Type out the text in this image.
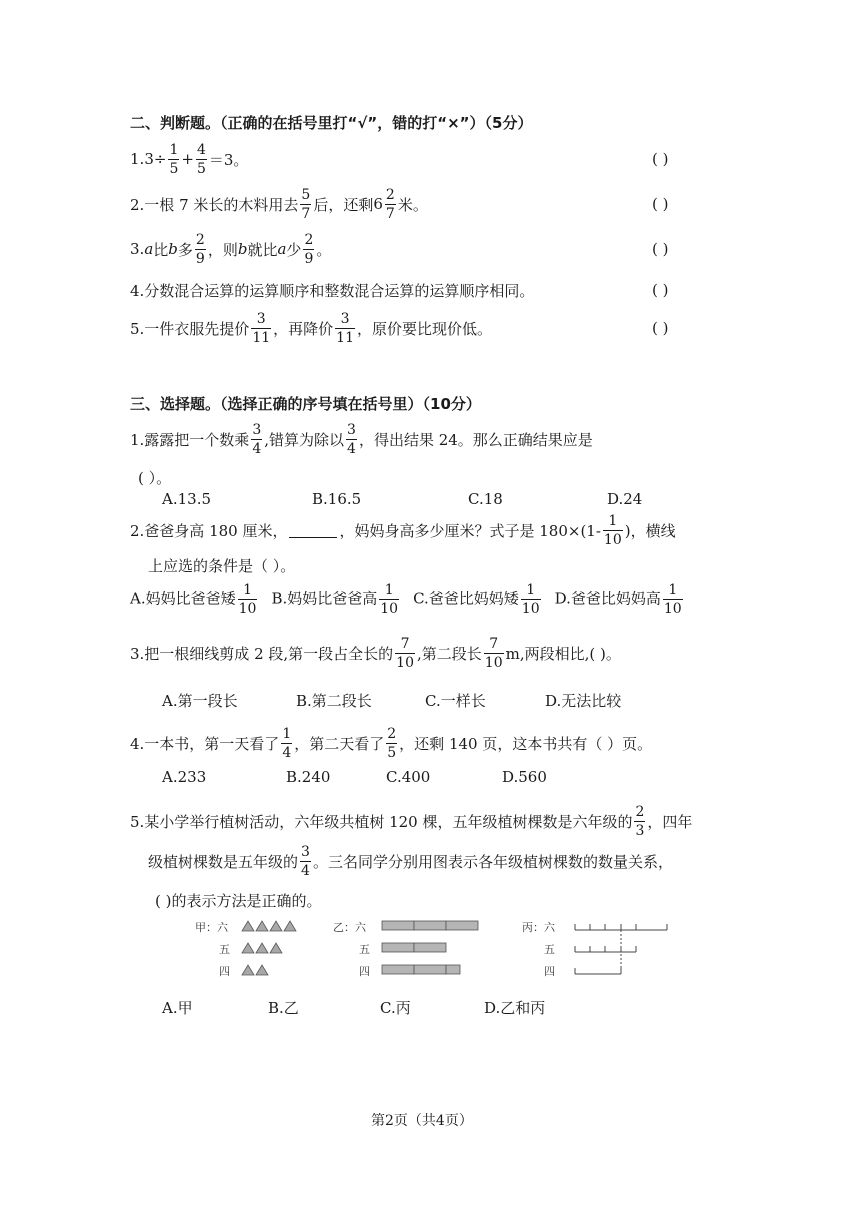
二、判断题。（正确的在括号里打“√”，错的打“×”）（5分）
1. $3\div \frac{1}{5} + \frac{4}{5} =3$。	( )
2.一根 7 米长的木料用去 $\frac{5}{7}$ 后，还剩 $6 \frac{2}{7}$ 米。	( )
3. a 比 b 多 $\frac{2}{9}$ ，则 b 就比 a 少 $\frac{2}{9}$ 。	( )
4.分数混合运算的运算顺序和整数混合运算的运算顺序相同。	( )
5.一件衣服先提价 $\frac{3}{11}$ ，再降价 $\frac{3}{11}$ ，原价要比现价低。	( )
三、选择题。（选择正确的序号填在括号里）（10分）
1.露露把一个数乘 $\frac{3}{4}$ ,错算为除以 $\frac{3}{4}$ ，得出结果 24。那么正确结果应是
( ）。
A.13.5	B.16.5	C.18	D.24
2.爸爸身高 180 厘米，	，妈妈身高多少厘米？式子是 $180\times(1- \frac{1}{10}$ )，横线
上应选的条件是（ ）。
A.妈妈比爸爸矮 $\frac{1}{10} B$.妈妈比爸爸高 $\frac{1}{10} C$.爸爸比妈妈矮 $\frac{1}{10} D$.爸爸比妈妈高 $\frac{1}{10}$
3.把一根细线剪成 2 段,第一段占全长的 $\frac{7}{10}$ ,第二段长 $\frac{7}{10} m$,两段相比,( )。
A.第一段长	B.第二段长	C.一样长	D.无法比较
4.一本书，第一天看了 $\frac{1}{4}$ ，第二天看了 $\frac{2}{5}$ ，还剩 140 页，这本书共有（ ）页。
A.233	B.240	C.400	D.560
5.某小学举行植树活动，六年级共植树 120 棵，五年级植树棵数是六年级的 $\frac{2}{3}$ ，四年
级植树棵数是五年级的 $\frac{3}{4}$ 。三名同学分别用图表示各年级植树棵数的数量关系，
( )的表示方法是正确的。
甲：六
五
四
乙：六
五
四
丙：六
五
四
A.甲	B.乙	C.丙	D.乙和丙
第2页（共4页）
